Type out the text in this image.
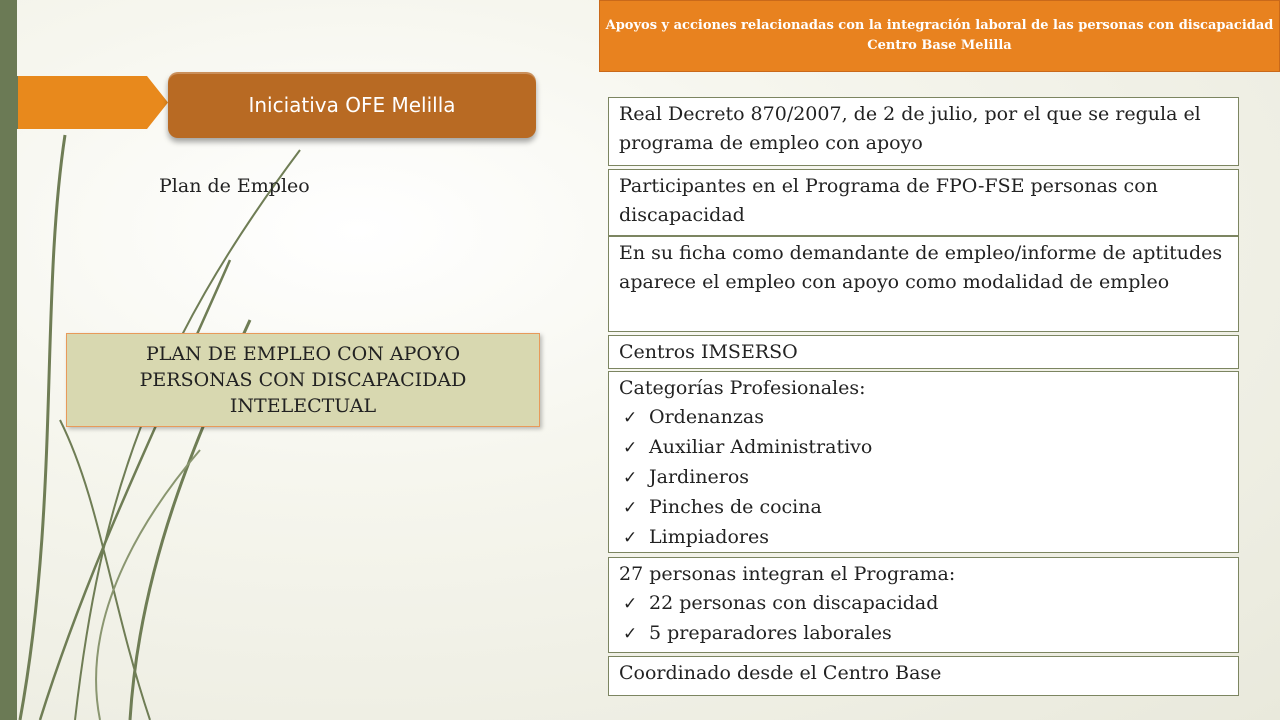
Apoyos y acciones relacionadas con la integración laboral de las personas con discapacidad
Centro Base Melilla
Iniciativa OFE Melilla
Plan de Empleo
PLAN DE EMPLEO CON APOYO
PERSONAS CON DISCAPACIDAD
INTELECTUAL
Real Decreto 870/2007, de 2 de julio, por el que se regula el programa de empleo con apoyo
Participantes en el Programa de FPO-FSE personas con discapacidad
En su ficha como demandante de empleo/informe de aptitudes aparece el empleo con apoyo como modalidad de empleo
Centros IMSERSO
Categorías Profesionales:
✓ Ordenanzas
✓ Auxiliar Administrativo
✓ Jardineros
✓ Pinches de cocina
✓ Limpiadores
27 personas integran el Programa:
✓ 22 personas con discapacidad
✓ 5 preparadores laborales
Coordinado desde el Centro Base
